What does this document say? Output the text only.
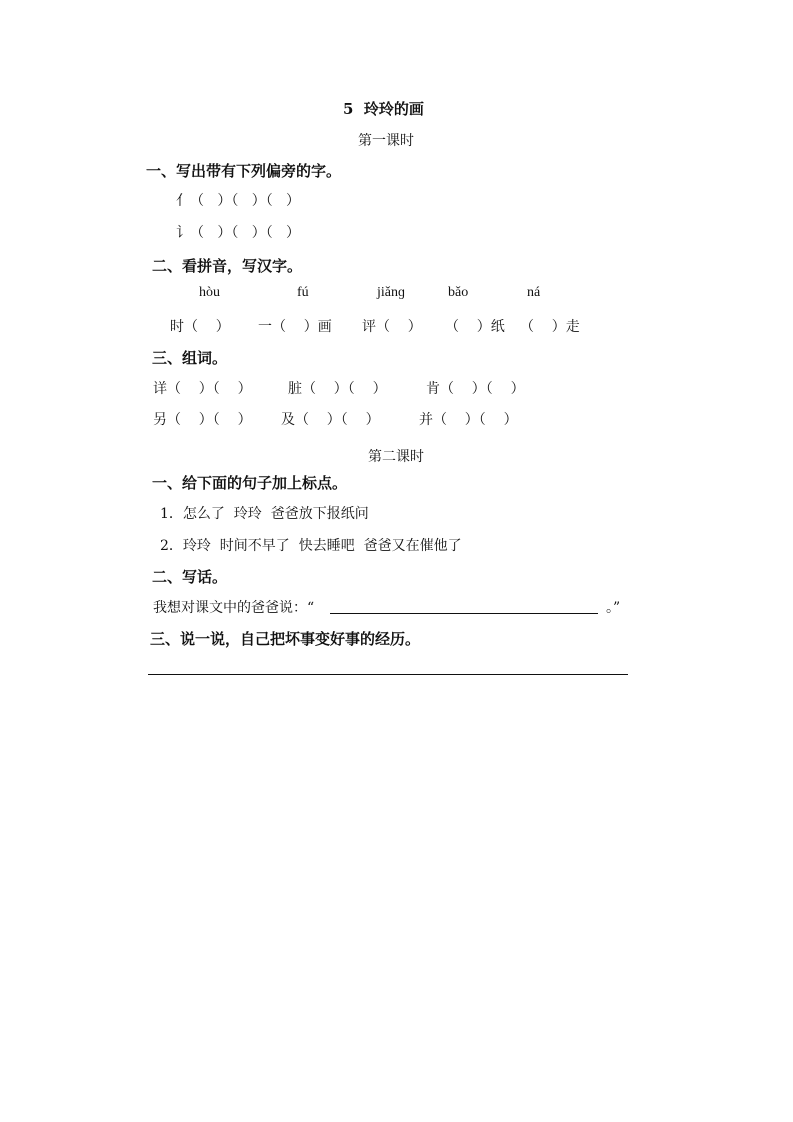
5  玲玲的画
第一课时
一、写出带有下列偏旁的字。
亻（   ）（   ）（   ）
讠（   ）（   ）（   ）
二、看拼音，写汉字。
hòu	fú	jiǎnɡ	bǎo	ná
时（    ） 一（    ）画 评（    ） （    ）纸 （    ）走
三、组词。
详（    ）（    ）	脏（    ）（    ）	肯（    ）（    ）
另（    ）（    ） 及（    ）（    ）	并（    ）（    ）
第二课时
一、给下面的句子加上标点。
1．怎么了  玲玲  爸爸放下报纸问
2．玲玲  时间不早了  快去睡吧  爸爸又在催他了
二、写话。
我想对课文中的爸爸说：“	。”
三、说一说，自己把坏事变好事的经历。
